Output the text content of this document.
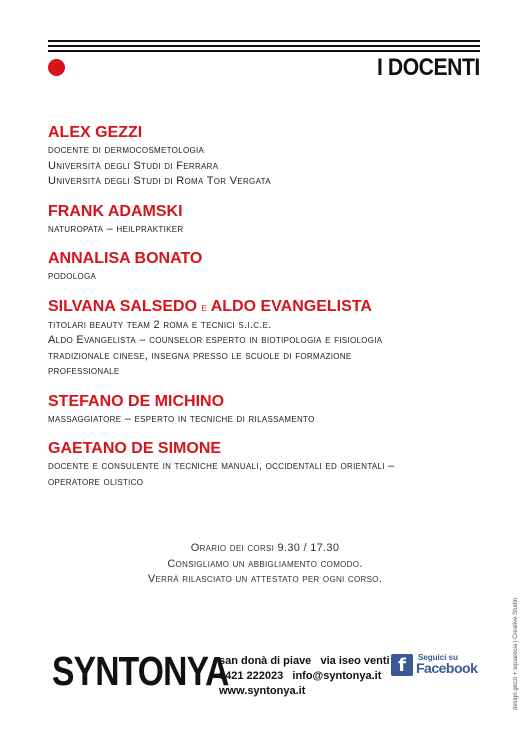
I DOCENTI
ALEX GEZZI
docente di dermocosmetologia
Università degli Studi di Ferrara
Università degli Studi di Roma Tor Vergata
FRANK ADAMSKI
naturopata – heilpraktiker
ANNALISA BONATO
podologa
SILVANA SALSEDO e ALDO EVANGELISTA
titolari beauty team 2 roma e tecnici s.i.c.e.
Aldo Evangelista – counselor esperto in biotipologia e fisiologia
tradizionale cinese, insegna presso le scuole di formazione
professionale
STEFANO DE MICHINO
massaggiatore – esperto in tecniche di rilassamento
GAETANO DE SIMONE
docente e consulente in tecniche manuali, occidentali ed orientali –
operatore olistico
Orario dei corsi 9.30 / 17.30
Consigliamo un abbigliamento comodo.
Verrà rilasciato un attestato per ogni corso.
SYNTONYA
san donà di piave   via iseo venti
0421 222023   info@syntonya.it
www.syntonya.it
f	Seguici su
Facebook	design gezzi + squarecia | Creative Studio
